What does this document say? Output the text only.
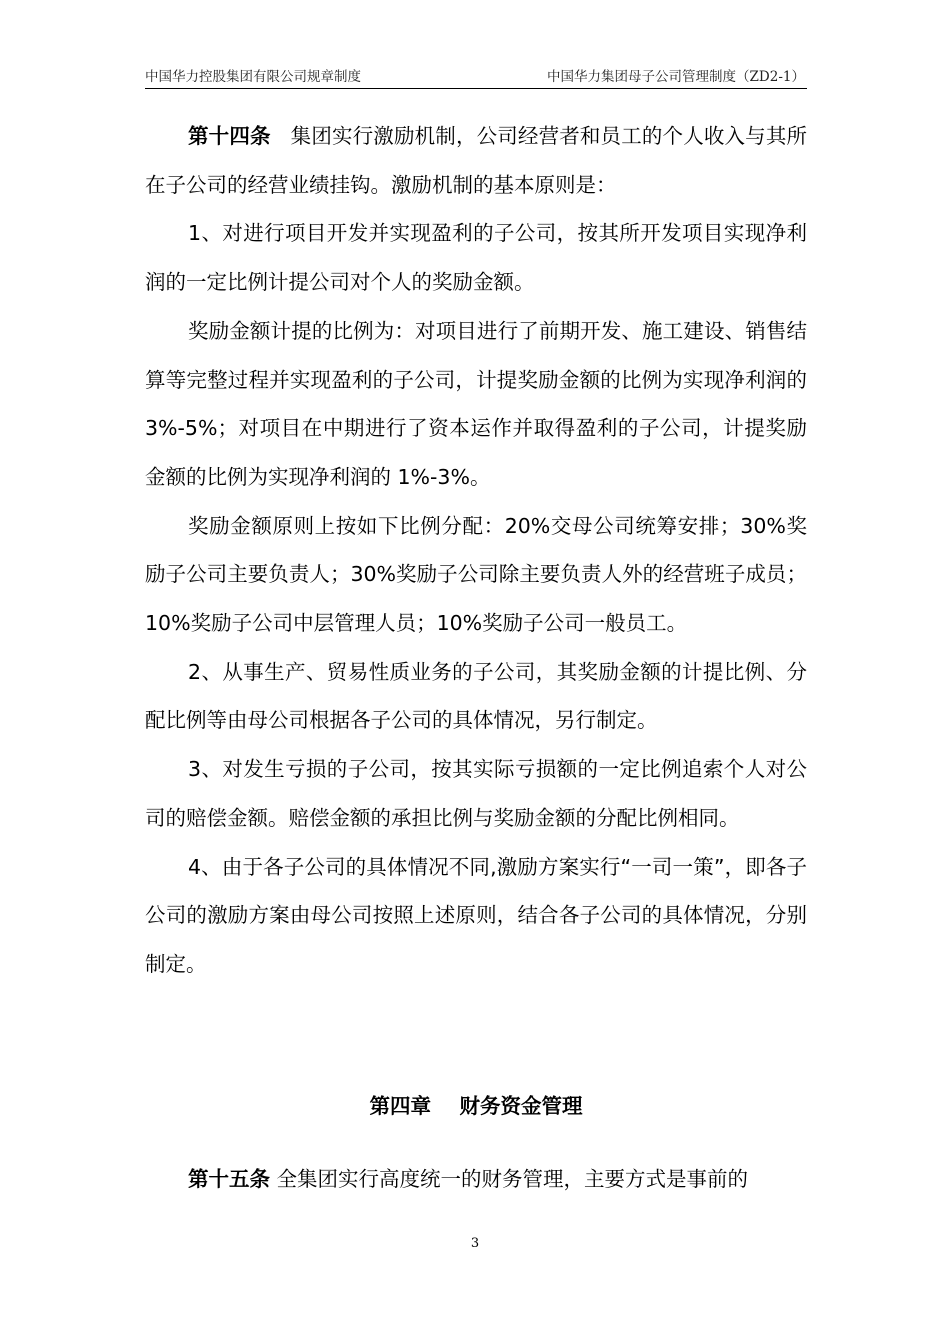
中国华力控股集团有限公司规章制度	中国华力集团母子公司管理制度（ZD2-1）

第十四条 集团实行激励机制，公司经营者和员工的个人收入与其所在子公司的经营业绩挂钩。激励机制的基本原则是：

1、对进行项目开发并实现盈利的子公司，按其所开发项目实现净利润的一定比例计提公司对个人的奖励金额。

奖励金额计提的比例为：对项目进行了前期开发、施工建设、销售结算等完整过程并实现盈利的子公司，计提奖励金额的比例为实现净利润的 3%-5%；对项目在中期进行了资本运作并取得盈利的子公司，计提奖励金额的比例为实现净利润的 1%-3%。

奖励金额原则上按如下比例分配：20%交母公司统筹安排；30%奖励子公司主要负责人；30%奖励子公司除主要负责人外的经营班子成员；10%奖励子公司中层管理人员；10%奖励子公司一般员工。

2、从事生产、贸易性质业务的子公司，其奖励金额的计提比例、分配比例等由母公司根据各子公司的具体情况，另行制定。

3、对发生亏损的子公司，按其实际亏损额的一定比例追索个人对公司的赔偿金额。赔偿金额的承担比例与奖励金额的分配比例相同。

4、由于各子公司的具体情况不同,激励方案实行“一司一策”，即各子公司的激励方案由母公司按照上述原则，结合各子公司的具体情况，分别制定。

第四章    财务资金管理

第十五条 全集团实行高度统一的财务管理，主要方式是事前的

3
